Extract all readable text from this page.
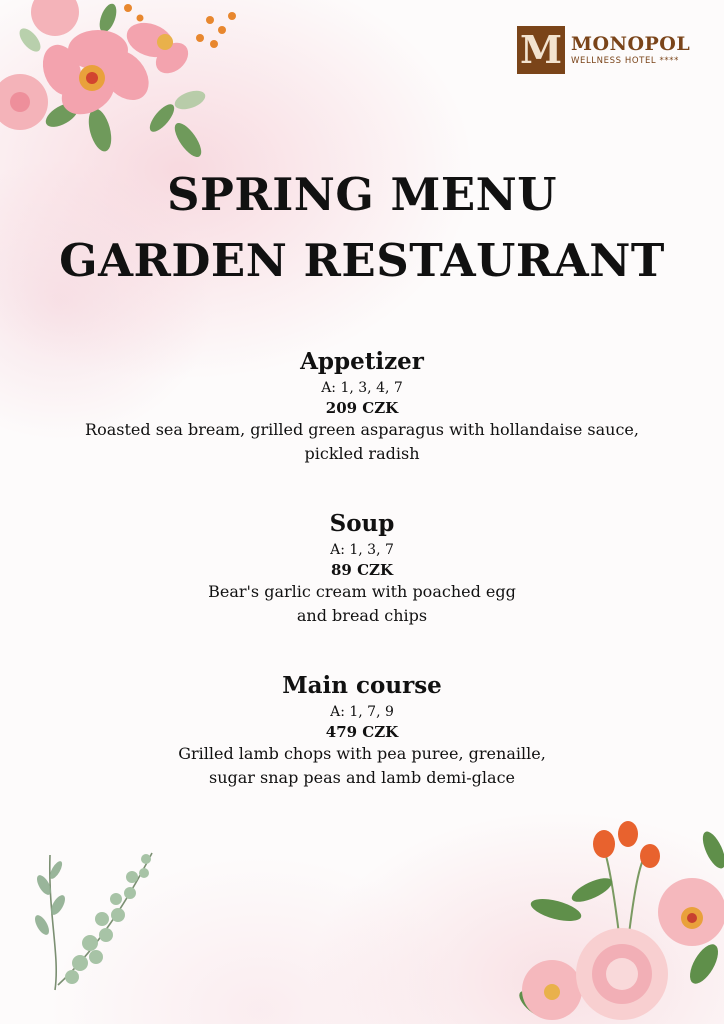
M MONOPOL
WELLNESS HOTEL ****
SPRING MENU
GARDEN RESTAURANT
Appetizer
A: 1, 3, 4, 7
209 CZK
Roasted sea bream, grilled green asparagus with hollandaise sauce,
pickled radish
Soup
A: 1, 3, 7
89 CZK
Bear's garlic cream with poached egg
and bread chips
Main course
A: 1, 7, 9
479 CZK
Grilled lamb chops with pea puree, grenaille,
sugar snap peas and lamb demi-glace
